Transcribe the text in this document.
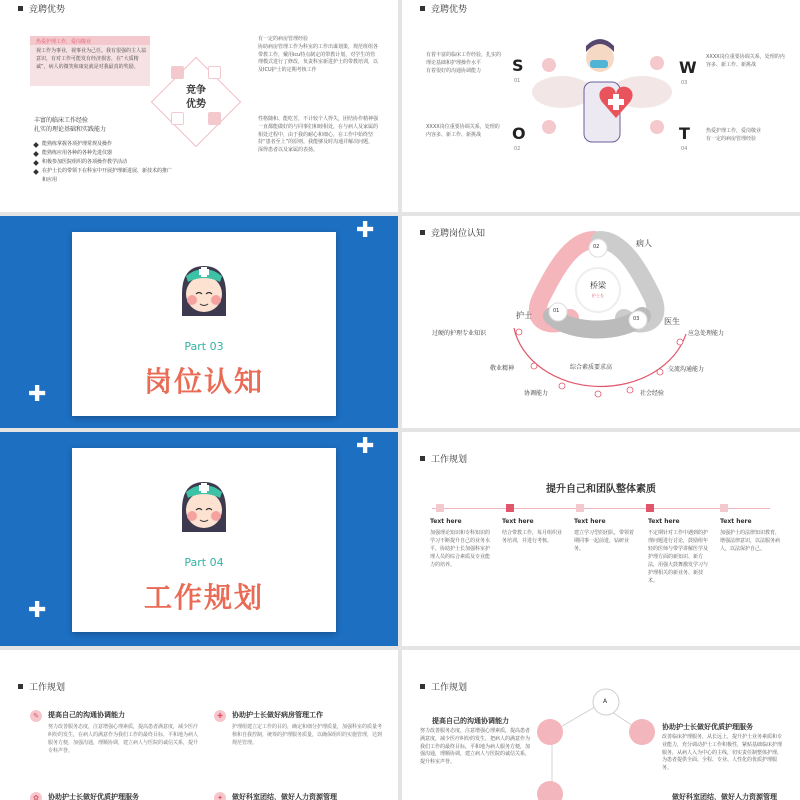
竞聘优势
热爱护理工作，爱岗敬业
视工作为事业，视事业为己任。我有很强的主人翁意识，有对工作可能发有经济损害，在“大质精诚”，病人的微笑和康复就是对我最真的奖励。
竞争
优势
有一定的病房管理经验
协助病房管理工作为科室的工作出谋划策，规范班组各带教工作，戴用icu特点制定的带教计划，对学生的管理模式进行了修改，负责科室新进护士的带教培训，以及ICU护士的定期考核工作
丰富的临床工作经验
扎实的理论基础和实践能力
能熟练掌握各项护理常规及操作
能熟练应用各种的各种先进仪器
积极参加医院组织的各项操作教学活动
在护士长的带领下在科室中开展护理新进展、新技术的推广和应用
性格随和、能吃苦，不计较个人得失，团结协作精神强
一直都能做好的与同事们和睦相处，在与病人及家属的相处过程中，由于我的耐心和细心，在工作中始终坚持“患者至上”的原则，我能够及时沟通并解决问题，深得患者以及家属的表扬。
竞聘优势
有着丰富的临床工作经验，扎实的理论基础和护理操作水平
有着很好的沟通协调能力	S
01
XXXX岗位重要协调关系，处理的内容多、新工作、新挑战
W
03
XXXX岗位重要协调关系，处理的内容多、新工作、新挑战	O
02
热爱护理工作，爱岗敬业
有一定的病房管理经验
T
04
Part 03
岗位认知
✚
✚
竞聘岗位认知
桥梁
护士长
02	病人
01
护士	03	医生
过硬的护理专业知识
敬业精神
协调能力
综合素质要求高
社会经验
交流沟通能力
应急处理能力
Part 04
工作规划
✚
✚
工作规划
提升自己和团队整体素质
Text here
加强理论知识和专科知识的学习不断提升自己的业务水平，协助护士长加强科室护理人员的综合素质及专业能力的培养。
Text here
结合带教工作，每月组织业务培训，并进行考核。
Text here
建立学习型的团队，带领着期同事一起前进，钻研业务。
Text here
不定期针对工作中遇到的护理问题进行讨论，鼓励组年轻的医师与带学讲解医学及护理方面的新知识、新方法，用强大鼓舞激发学习与护理相关的新业务、新技术。
Text here
加强护士的法律知识教育，增强法律意识，以法服务病人，以法保护自己。
工作规划
✎	提高自己的沟通协调能力
努力改善服务态度，注意增强心理素质，提高患者满意度，减少医疗纠纷的发生，在病人的满意作为我们工作的最终目标，平和地为病人服务方便，加强沟通，理顺协调，建立病人与医院的诚信关系，提升专科声誉。
✚	协助护士长做好病房管理工作
护理组建立定工作的目的，确定和细分护理质量，加强科室的质量考核和自我控制，统筹的护理服务质量，以确保组织的实施管理，达到规范管理。
✿	协助护士长做好优质护理服务	✦	做好科室团结，做好人力资源管理
工作规划
A
提高自己的沟通协调能力
努力改善服务态度，注意增强心理素质，提高患者满意度，减少医疗纠纷的发生，把病人的满意作为我们工作的最终目标，平和地为病人服务方便，加强沟通，理顺协调，建立病人与医院的诚信关系，提升科室声誉。
协助护士长做好优质护理服务
改善临床护理服务，从长远上，提升护士业务素质和专业能力，充分调动护士工作积极性，紧贴基础临床护理服务，从病人入为中心的主线，切实责任制整体护理，为患者提供全面、全程、专业、人性化的优质护理服务。
做好科室团结，做好人力资源管理
